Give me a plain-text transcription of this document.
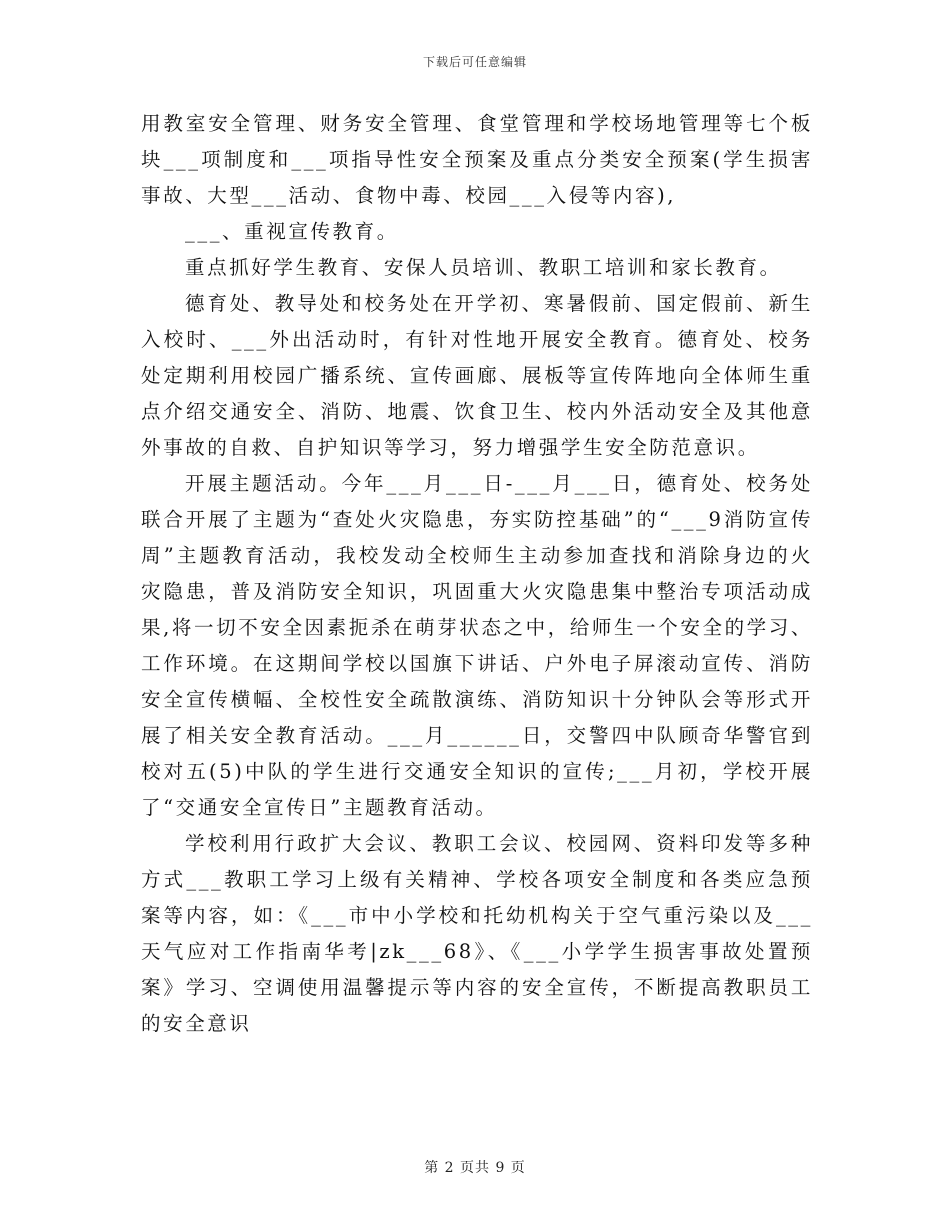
下载后可任意编辑

用教室安全管理、财务安全管理、食堂管理和学校场地管理等七个板块___项制度和___项指导性安全预案及重点分类安全预案(学生损害事故、大型___活动、食物中毒、校园___入侵等内容),

___、重视宣传教育。

重点抓好学生教育、安保人员培训、教职工培训和家长教育。

德育处、教导处和校务处在开学初、寒暑假前、国定假前、新生入校时、___外出活动时，有针对性地开展安全教育。德育处、校务处定期利用校园广播系统、宣传画廊、展板等宣传阵地向全体师生重点介绍交通安全、消防、地震、饮食卫生、校内外活动安全及其他意外事故的自救、自护知识等学习，努力增强学生安全防范意识。

开展主题活动。今年___月___日-___月___日，德育处、校务处联合开展了主题为“查处火灾隐患，夯实防控基础”的“___9消防宣传周”主题教育活动，我校发动全校师生主动参加查找和消除身边的火灾隐患，普及消防安全知识，巩固重大火灾隐患集中整治专项活动成果,将一切不安全因素扼杀在萌芽状态之中，给师生一个安全的学习、工作环境。在这期间学校以国旗下讲话、户外电子屏滚动宣传、消防安全宣传横幅、全校性安全疏散演练、消防知识十分钟队会等形式开展了相关安全教育活动。___月______日，交警四中队顾奇华警官到校对五(5)中队的学生进行交通安全知识的宣传;___月初，学校开展了“交通安全宣传日”主题教育活动。

学校利用行政扩大会议、教职工会议、校园网、资料印发等多种方式___教职工学习上级有关精神、学校各项安全制度和各类应急预案等内容，如：《___市中小学校和托幼机构关于空气重污染以及___天气应对工作指南华考|zk___68》、《___小学学生损害事故处置预案》学习、空调使用温馨提示等内容的安全宣传，不断提高教职员工的安全意识

第 2 页共 9 页
